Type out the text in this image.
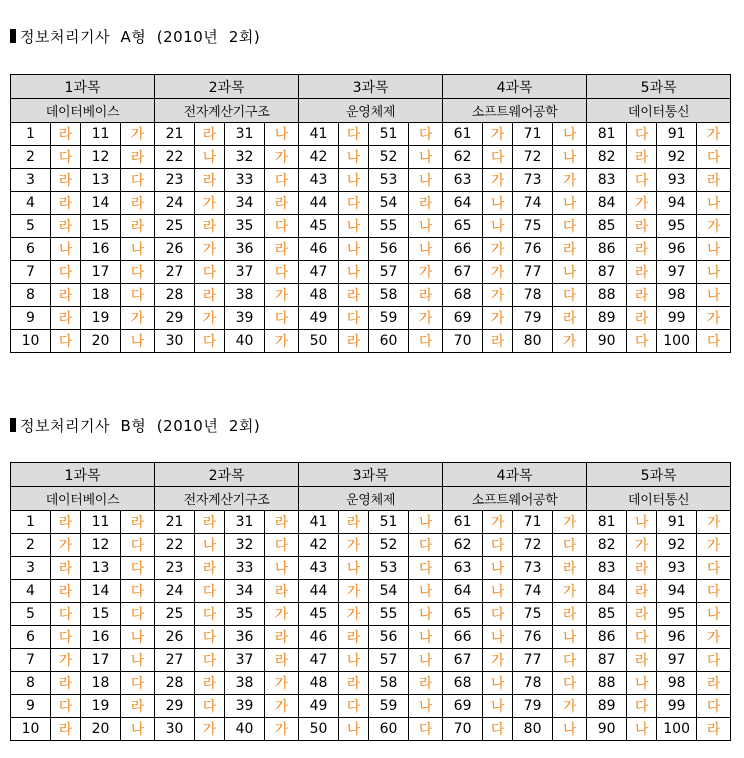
정보처리기사  A형  (2010년  2회)
1과목				2과목				3과목				4과목				5과목			
데이터베이스				전자계산기구조				운영체제				소프트웨어공학				데이터통신			
1	라	11	가	21	라	31	나	41	다	51	다	61	가	71	나	81	다	91	가
2	다	12	라	22	나	32	가	42	나	52	나	62	다	72	나	82	라	92	다
3	라	13	다	23	라	33	다	43	나	53	나	63	가	73	가	83	다	93	라
4	라	14	라	24	가	34	라	44	다	54	라	64	나	74	나	84	가	94	나
5	라	15	라	25	라	35	다	45	나	55	나	65	나	75	다	85	라	95	가
6	나	16	나	26	가	36	라	46	나	56	나	66	가	76	라	86	라	96	나
7	다	17	다	27	다	37	다	47	나	57	가	67	가	77	나	87	라	97	나
8	라	18	다	28	라	38	가	48	라	58	라	68	가	78	다	88	라	98	나
9	라	19	가	29	가	39	다	49	다	59	가	69	가	79	라	89	라	99	가
10	다	20	나	30	다	40	가	50	라	60	다	70	라	80	가	90	다	100	다
정보처리기사  B형  (2010년  2회)
1과목				2과목				3과목				4과목				5과목			
데이터베이스				전자계산기구조				운영체제				소프트웨어공학				데이터통신			
1	라	11	라	21	라	31	라	41	라	51	나	61	가	71	가	81	나	91	가
2	가	12	다	22	나	32	다	42	가	52	다	62	다	72	다	82	가	92	가
3	라	13	다	23	라	33	나	43	나	53	다	63	나	73	라	83	라	93	다
4	라	14	다	24	다	34	라	44	가	54	나	64	나	74	가	84	라	94	다
5	다	15	다	25	다	35	가	45	가	55	나	65	다	75	라	85	라	95	나
6	다	16	나	26	다	36	라	46	라	56	나	66	나	76	나	86	다	96	가
7	가	17	나	27	다	37	라	47	나	57	나	67	가	77	다	87	라	97	다
8	라	18	다	28	라	38	가	48	라	58	라	68	나	78	다	88	나	98	라
9	다	19	라	29	다	39	가	49	다	59	나	69	나	79	가	89	다	99	다
10	라	20	나	30	가	40	가	50	나	60	다	70	다	80	나	90	나	100	라
